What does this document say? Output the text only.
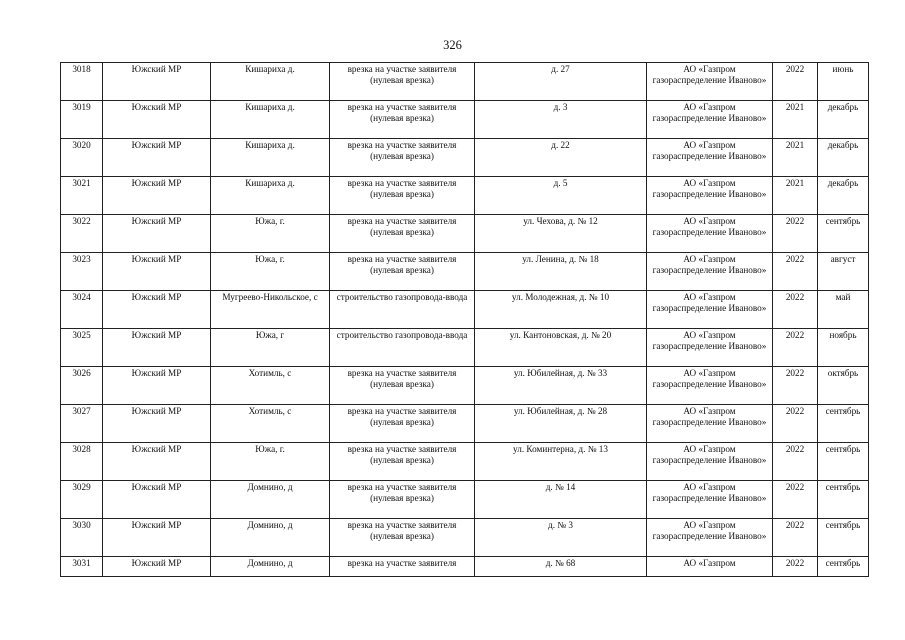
326
3018	Южский МР	Кишариха д.	врезка на участке заявителя (нулевая врезка)	д. 27	АО «Газпром газораспределение Иваново»	2022	июнь
3019	Южский МР	Кишариха д.	врезка на участке заявителя (нулевая врезка)	д. 3	АО «Газпром газораспределение Иваново»	2021	декабрь
3020	Южский МР	Кишариха д.	врезка на участке заявителя (нулевая врезка)	д. 22	АО «Газпром газораспределение Иваново»	2021	декабрь
3021	Южский МР	Кишариха д.	врезка на участке заявителя (нулевая врезка)	д. 5	АО «Газпром газораспределение Иваново»	2021	декабрь
3022	Южский МР	Южа, г.	врезка на участке заявителя (нулевая врезка)	ул. Чехова, д. № 12	АО «Газпром газораспределение Иваново»	2022	сентябрь
3023	Южский МР	Южа, г.	врезка на участке заявителя (нулевая врезка)	ул. Ленина, д. № 18	АО «Газпром газораспределение Иваново»	2022	август
3024	Южский МР	Мугреево-Никольское, с	строительство газопровода-ввода	ул. Молодежная, д. № 10	АО «Газпром газораспределение Иваново»	2022	май
3025	Южский МР	Южа, г	строительство газопровода-ввода	ул. Кантоновская, д. № 20	АО «Газпром газораспределение Иваново»	2022	ноябрь
3026	Южский МР	Хотимль, с	врезка на участке заявителя (нулевая врезка)	ул. Юбилейная, д. № 33	АО «Газпром газораспределение Иваново»	2022	октябрь
3027	Южский МР	Хотимль, с	врезка на участке заявителя (нулевая врезка)	ул. Юбилейная, д. № 28	АО «Газпром газораспределение Иваново»	2022	сентябрь
3028	Южский МР	Южа, г.	врезка на участке заявителя (нулевая врезка)	ул. Коминтерна, д. № 13	АО «Газпром газораспределение Иваново»	2022	сентябрь
3029	Южский МР	Домнино, д	врезка на участке заявителя (нулевая врезка)	д. № 14	АО «Газпром газораспределение Иваново»	2022	сентябрь
3030	Южский МР	Домнино, д	врезка на участке заявителя (нулевая врезка)	д. № 3	АО «Газпром газораспределение Иваново»	2022	сентябрь
3031	Южский МР	Домнино, д	врезка на участке заявителя	д. № 68	АО «Газпром	2022	сентябрь
